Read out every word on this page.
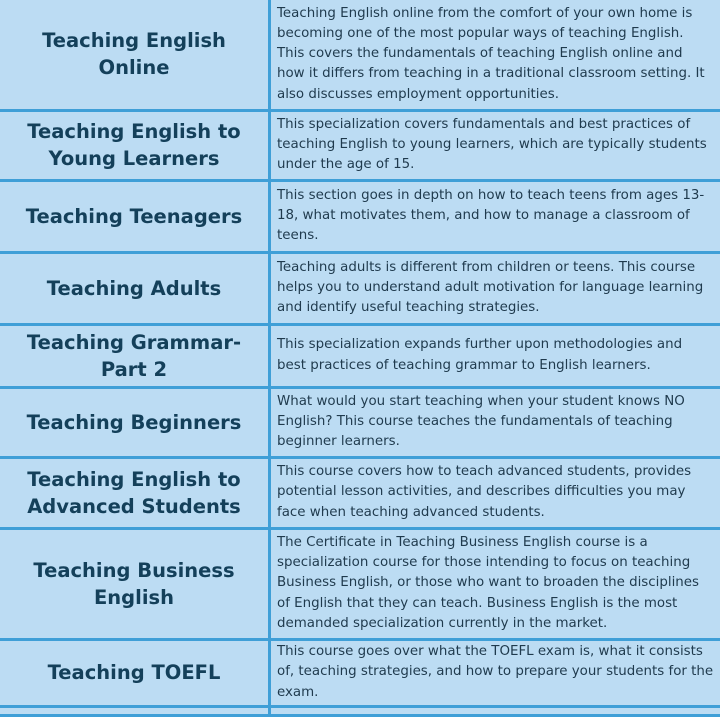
Teaching English Online	Teaching English online from the comfort of your own home is becoming one of the most popular ways of teaching English. This covers the fundamentals of teaching English online and how it differs from teaching in a traditional classroom setting. It also discusses employment opportunities.

Teaching English to Young Learners	This specialization covers fundamentals and best practices of teaching English to young learners, which are typically students under the age of 15.

Teaching Teenagers	This section goes in depth on how to teach teens from ages 13-18, what motivates them, and how to manage a classroom of teens.

Teaching Adults	Teaching adults is different from children or teens. This course helps you to understand adult motivation for language learning and identify useful teaching strategies.

Teaching Grammar- Part 2	This specialization expands further upon methodologies and best practices of teaching grammar to English learners.

Teaching Beginners	What would you start teaching when your student knows NO English? This course teaches the fundamentals of teaching beginner learners.

Teaching English to Advanced Students	This course covers how to teach advanced students, provides potential lesson activities, and describes difficulties you may face when teaching advanced students.

Teaching Business English	The Certificate in Teaching Business English course is a specialization course for those intending to focus on teaching Business English, or those who want to broaden the disciplines of English that they can teach. Business English is the most demanded specialization currently in the market.

Teaching TOEFL	This course goes over what the TOEFL exam is, what it consists of, teaching strategies, and how to prepare your students for the exam.
